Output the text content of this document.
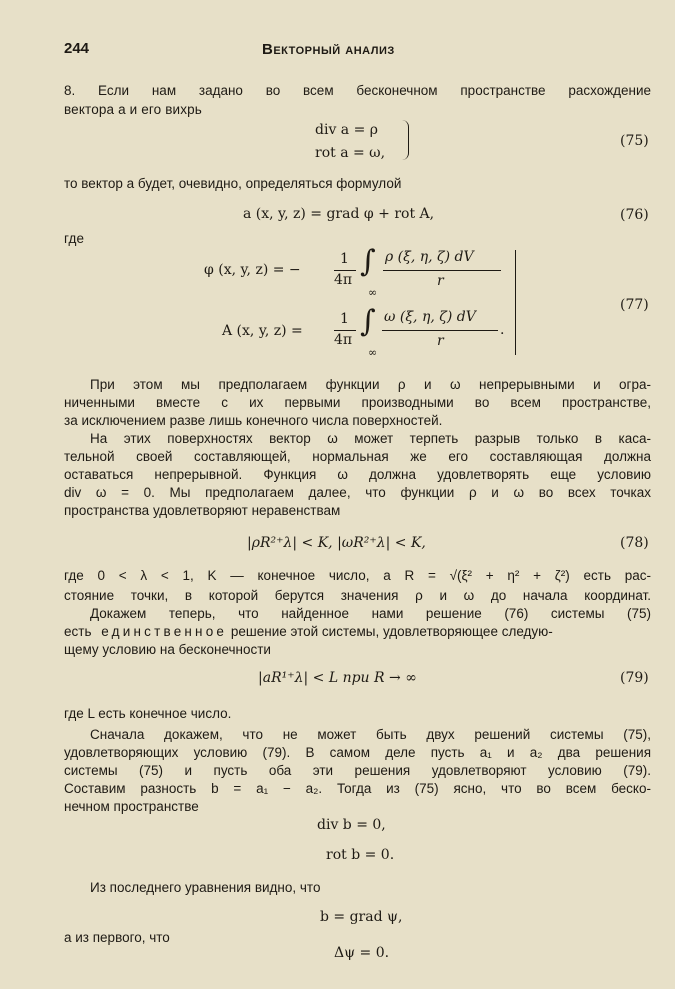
244	Векторный анализ
8. Если нам задано во всем бесконечном пространстве расхождение
вектора a и его вихрь
div a = ρ
rot a = ω,
(75)
то вектор a будет, очевидно, определяться формулой
a (x, y, z) = grad φ + rot A,	(76)
где
φ (x, y, z) = −
1
4π
∫
∞
ρ (ξ, η, ζ) dV
r
A (x, y, z) =
1
4π
∫
∞
ω (ξ, η, ζ) dV
r
.
(77)
При этом мы предполагаем функции ρ и ω непрерывными и огра-
ниченными вместе с их первыми производными во всем пространстве,
за исключением разве лишь конечного числа поверхностей.
На этих поверхностях вектор ω может терпеть разрыв только в каса-
тельной своей составляющей, нормальная же его составляющая должна
оставаться непрерывной. Функция ω должна удовлетворять еще условию
div ω = 0. Мы предполагаем далее, что функции ρ и ω во всех точках
пространства удовлетворяют неравенствам
|ρR²⁺λ| < K, |ωR²⁺λ| < K,	(78)
где 0 < λ < 1, K — конечное число, а R = √(ξ² + η² + ζ²) есть рас-
стояние точки, в которой берутся значения ρ и ω до начала координат.
Докажем теперь, что найденное нами решение (76) системы (75)
есть единственное решение этой системы, удовлетворяющее следую-
щему условию на бесконечности
|aR¹⁺λ| < L при R → ∞	(79)
где L есть конечное число.
Сначала докажем, что не может быть двух решений системы (75),
удовлетворяющих условию (79). В самом деле пусть a₁ и a₂ два решения
системы (75) и пусть оба эти решения удовлетворяют условию (79).
Составим разность b = a₁ − a₂. Тогда из (75) ясно, что во всем беско-
нечном пространстве
div b = 0,
rot b = 0.
Из последнего уравнения видно, что
b = grad ψ,
а из первого, что
Δψ = 0.
